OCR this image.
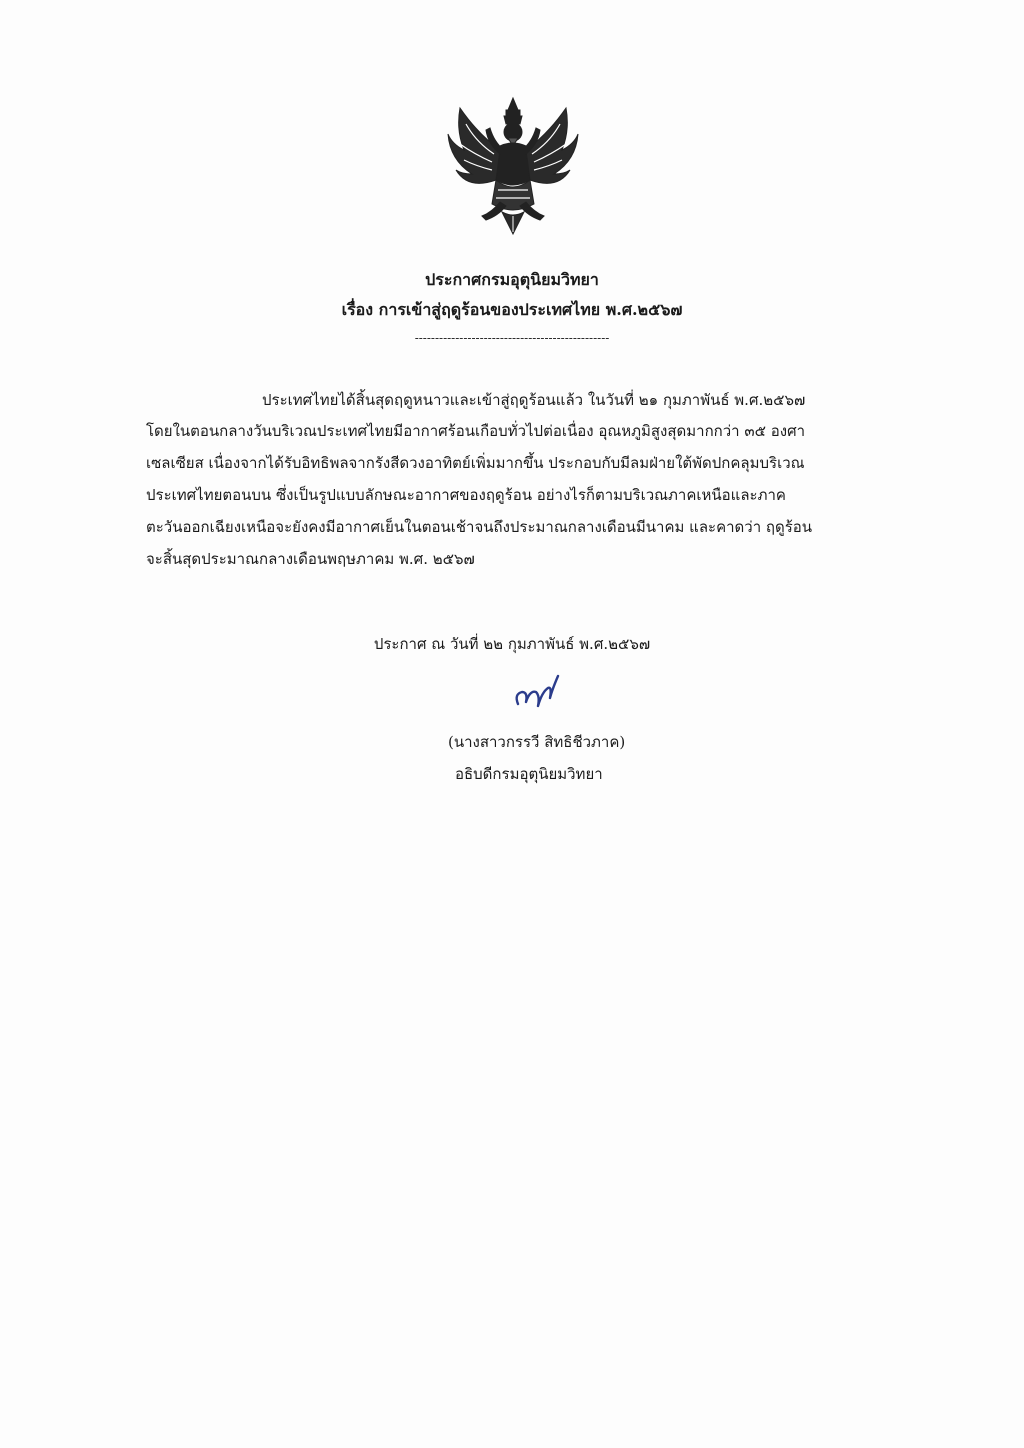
ประกาศกรมอุตุนิยมวิทยา
เรื่อง การเข้าสู่ฤดูร้อนของประเทศไทย พ.ศ.๒๕๖๗
------------------------------------------------
ประเทศไทยได้สิ้นสุดฤดูหนาวและเข้าสู่ฤดูร้อนแล้ว ในวันที่ ๒๑ กุมภาพันธ์ พ.ศ.๒๕๖๗
โดยในตอนกลางวันบริเวณประเทศไทยมีอากาศร้อนเกือบทั่วไปต่อเนื่อง อุณหภูมิสูงสุดมากกว่า ๓๕ องศา
เซลเซียส เนื่องจากได้รับอิทธิพลจากรังสีดวงอาทิตย์เพิ่มมากขึ้น ประกอบกับมีลมฝ่ายใต้พัดปกคลุมบริเวณ
ประเทศไทยตอนบน ซึ่งเป็นรูปแบบลักษณะอากาศของฤดูร้อน อย่างไรก็ตามบริเวณภาคเหนือและภาค
ตะวันออกเฉียงเหนือจะยังคงมีอากาศเย็นในตอนเช้าจนถึงประมาณกลางเดือนมีนาคม และคาดว่า ฤดูร้อน
จะสิ้นสุดประมาณกลางเดือนพฤษภาคม พ.ศ. ๒๕๖๗
ประกาศ ณ วันที่ ๒๒ กุมภาพันธ์ พ.ศ.๒๕๖๗
(นางสาวกรรวี สิทธิชีวภาค)
อธิบดีกรมอุตุนิยมวิทยา
